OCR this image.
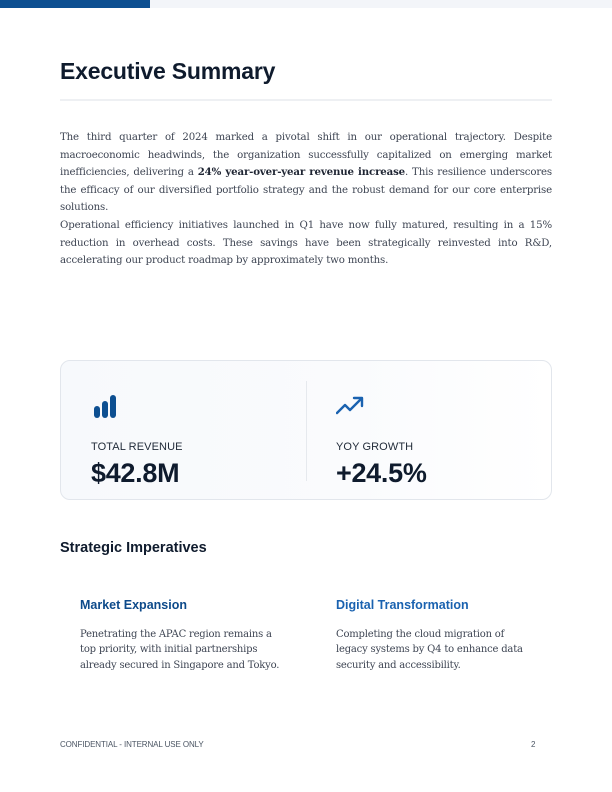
Executive Summary

The third quarter of 2024 marked a pivotal shift in our operational trajectory. Despite macroeconomic headwinds, the organization successfully capitalized on emerging market inefficiencies, delivering a 24% year-over-year revenue increase. This resilience underscores the efficacy of our diversified portfolio strategy and the robust demand for our core enterprise solutions.

Operational efficiency initiatives launched in Q1 have now fully matured, resulting in a 15% reduction in overhead costs. These savings have been strategically reinvested into R&D, accelerating our product roadmap by approximately two months.

TOTAL REVENUE
$42.8M
YOY GROWTH
+24.5%
Strategic Imperatives
Market Expansion
Penetrating the APAC region remains a top priority, with initial partnerships already secured in Singapore and Tokyo.
Digital Transformation
Completing the cloud migration of legacy systems by Q4 to enhance data security and accessibility.
CONFIDENTIAL - INTERNAL USE ONLY	2
